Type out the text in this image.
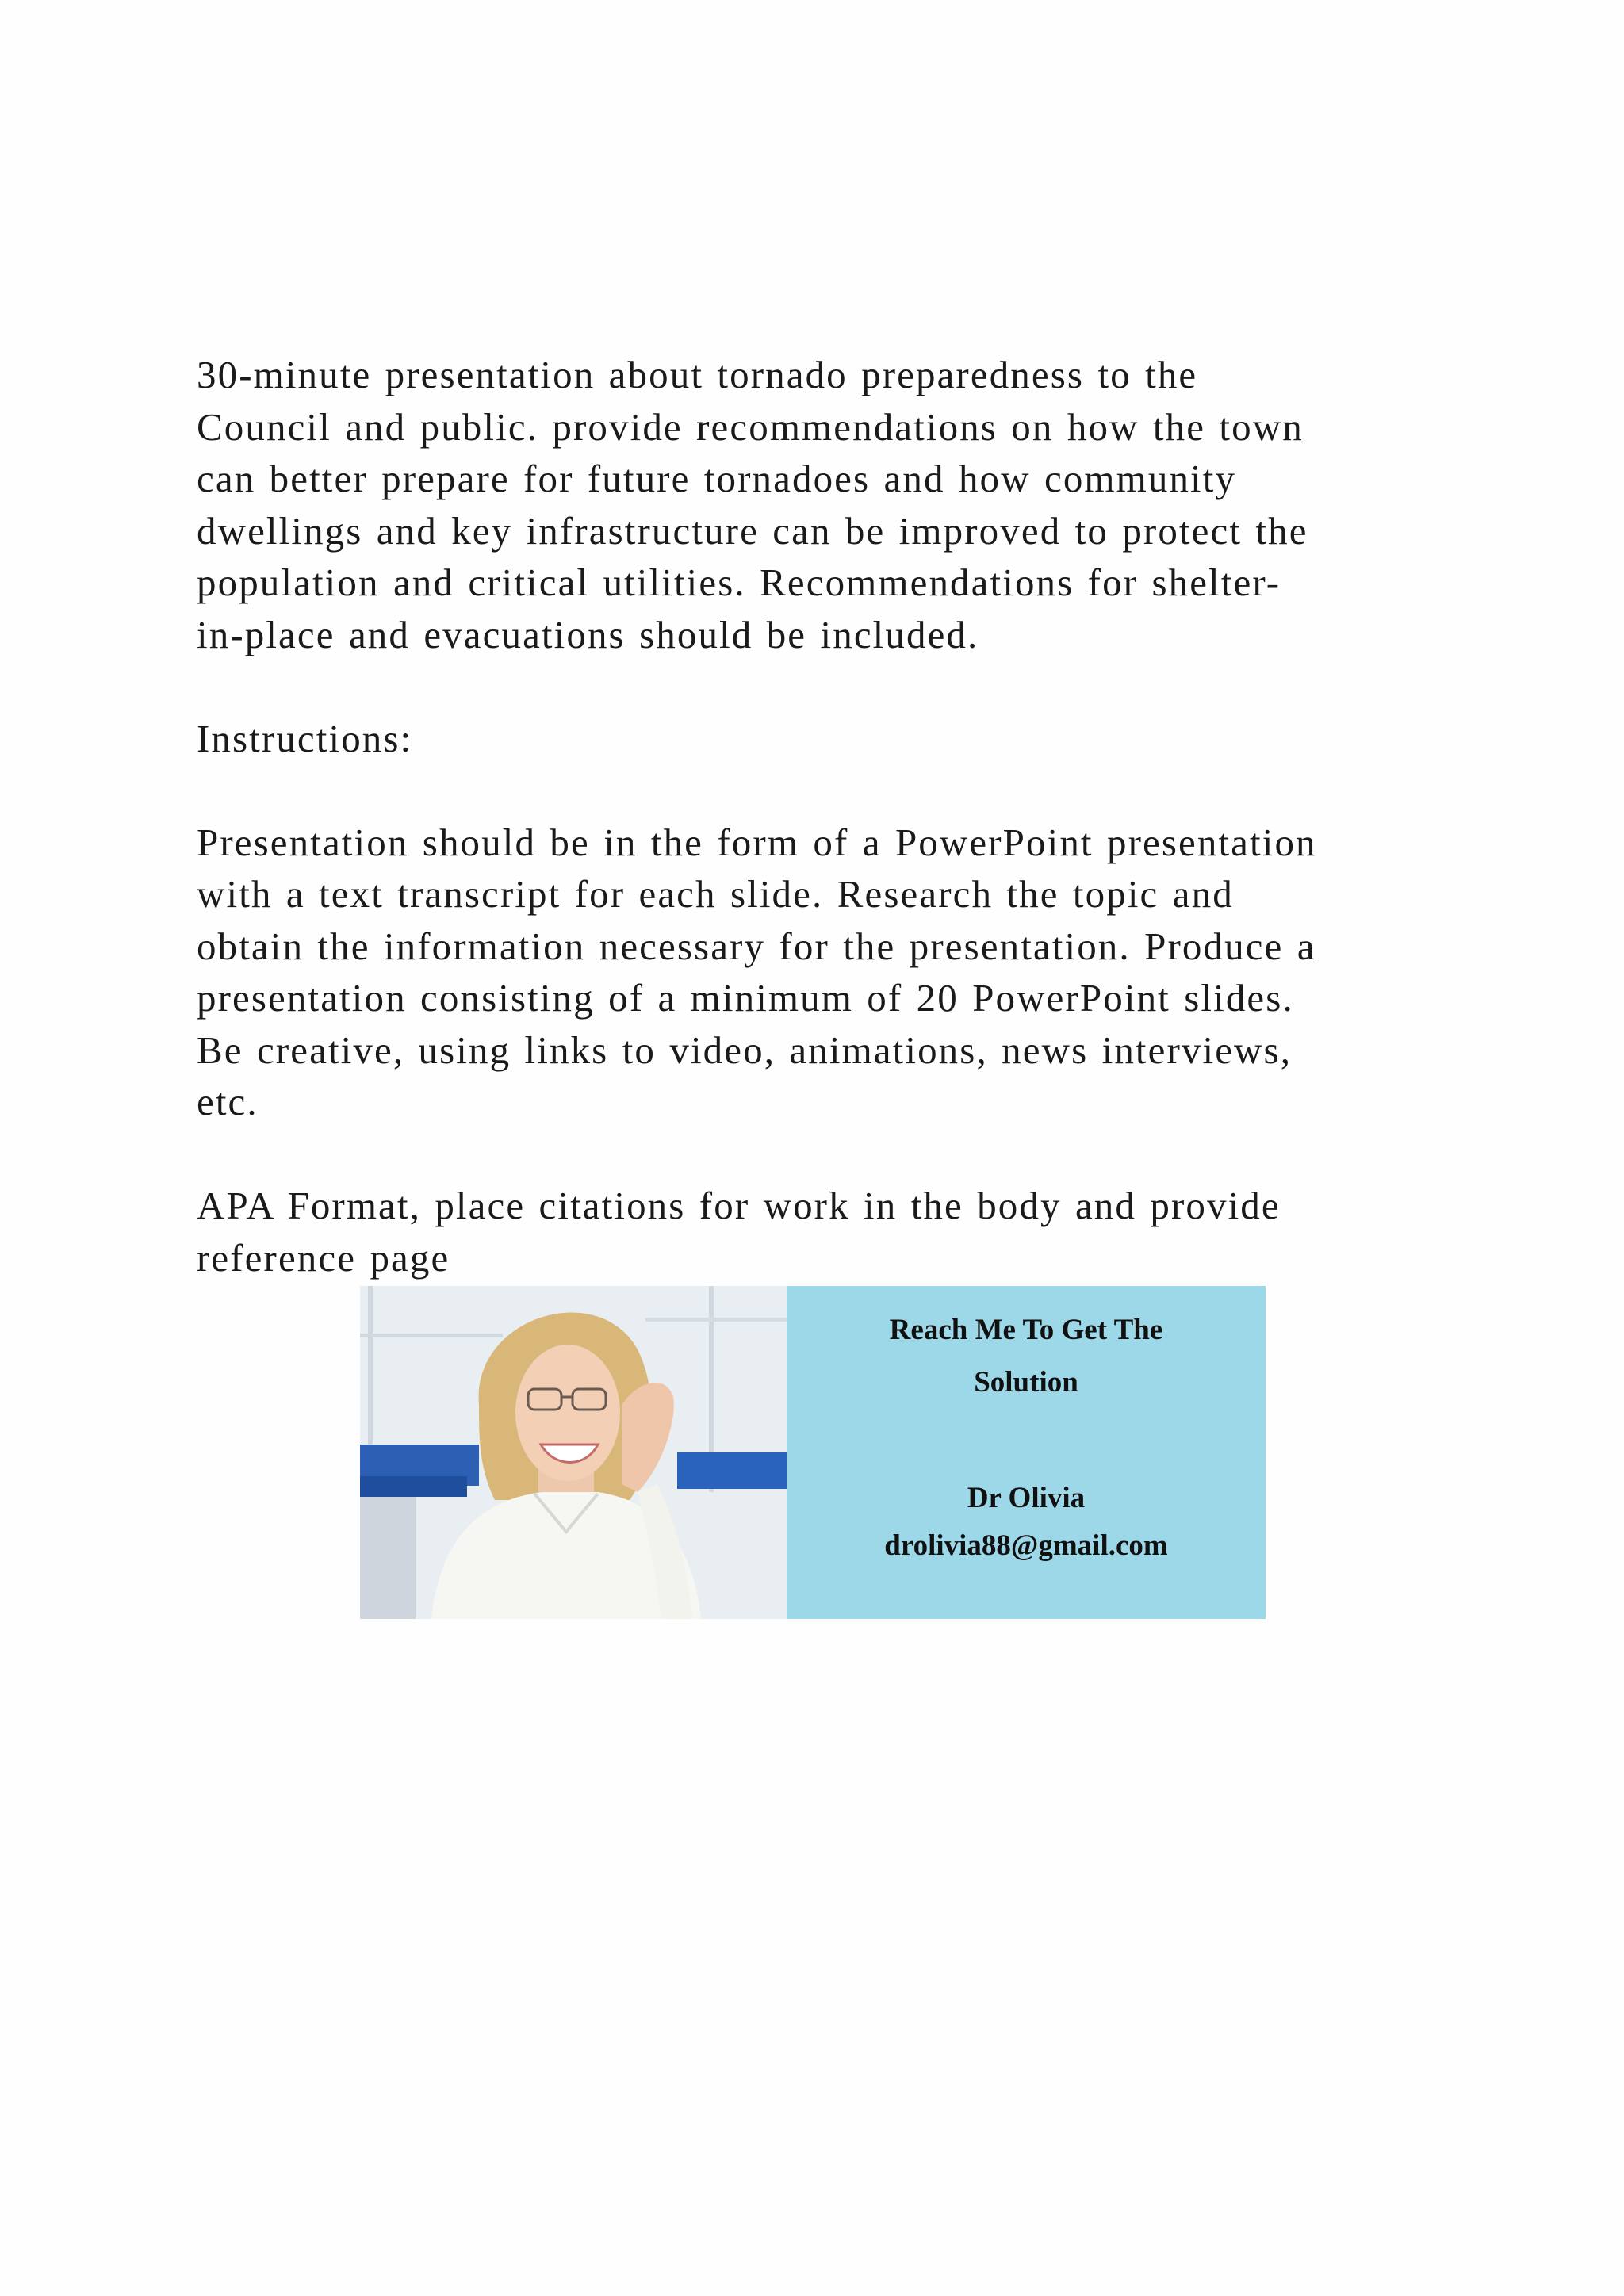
30-minute presentation about tornado preparedness to the
Council and public. provide recommendations on how the town
can better prepare for future tornadoes and how community
dwellings and key infrastructure can be improved to protect the
population and critical utilities. Recommendations for shelter-
in-place and evacuations should be included.

Instructions:

Presentation should be in the form of a PowerPoint presentation
with a text transcript for each slide. Research the topic and
obtain the information necessary for the presentation. Produce a
presentation consisting of a minimum of 20 PowerPoint slides.
Be creative, using links to video, animations, news interviews,
etc.

APA Format, place citations for work in the body and provide
reference page

Reach Me To Get The
Solution
Dr Olivia
drolivia88@gmail.com
